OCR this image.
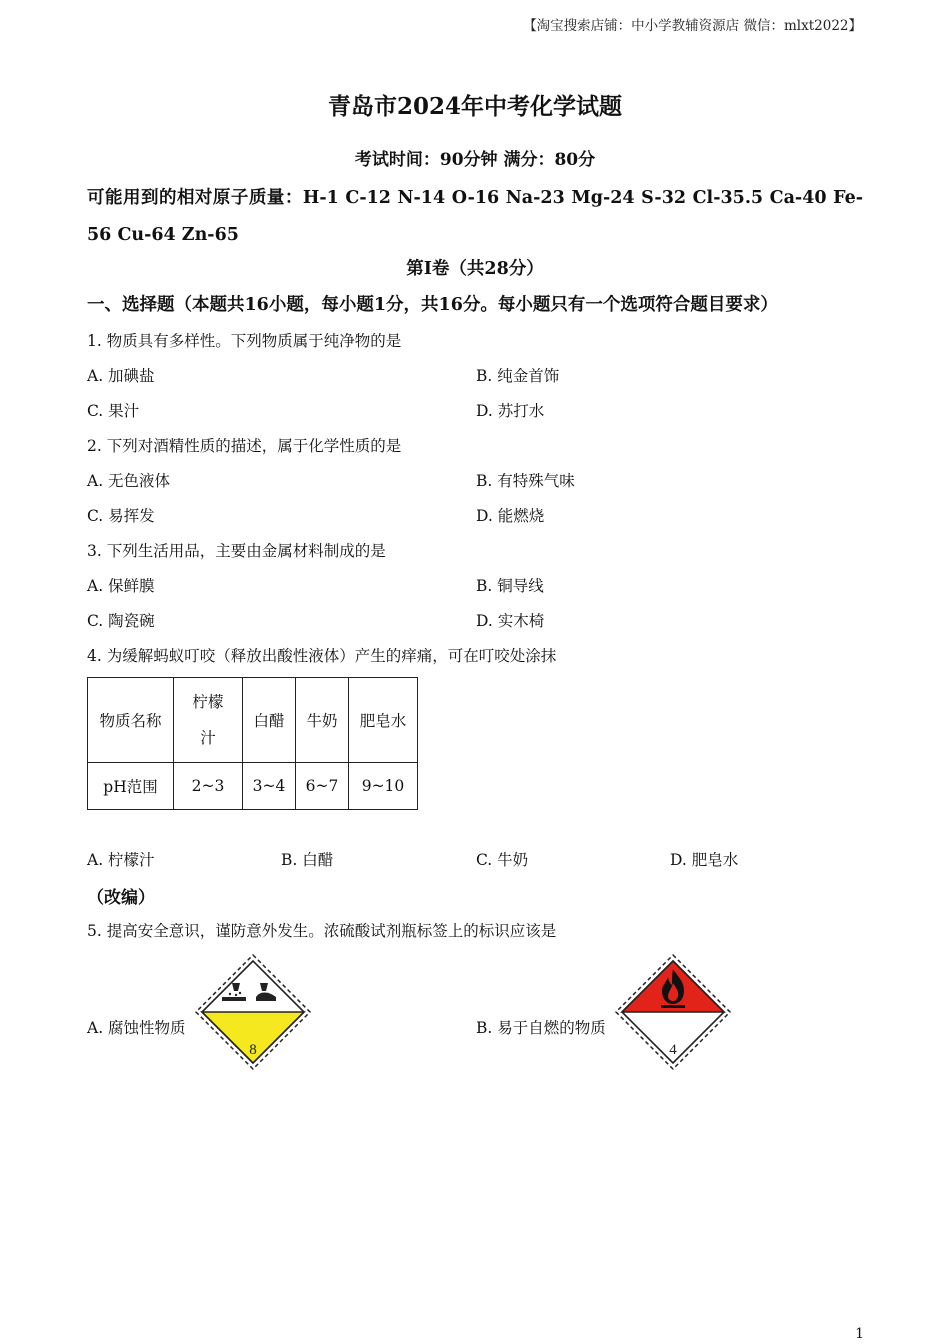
【淘宝搜索店铺：中小学教辅资源店 微信：mlxt2022】
青岛市2024年中考化学试题
考试时间：90分钟 满分：80分
可能用到的相对原子质量：H-1 C-12 N-14 O-16 Na-23 Mg-24 S-32 Cl-35.5 Ca-40 Fe-56 Cu-64 Zn-65
第Ⅰ卷（共28分）
一、选择题（本题共16小题，每小题1分，共16分。每小题只有一个选项符合题目要求）
1. 物质具有多样性。下列物质属于纯净物的是
A. 加碘盐	B. 纯金首饰
C. 果汁	D. 苏打水
2. 下列对酒精性质的描述，属于化学性质的是
A. 无色液体	B. 有特殊气味
C. 易挥发	D. 能燃烧
3. 下列生活用品，主要由金属材料制成的是
A. 保鲜膜	B. 铜导线
C. 陶瓷碗	D. 实木椅
4. 为缓解蚂蚁叮咬（释放出酸性液体）产生的痒痛，可在叮咬处涂抹
物质名称	柠檬汁	白醋	牛奶	肥皂水
pH范围	2~3	3~4	6~7	9~10
A. 柠檬汁	B. 白醋	C. 牛奶	D. 肥皂水
（改编）
5. 提高安全意识，谨防意外发生。浓硫酸试剂瓶标签上的标识应该是
A. 腐蚀性物质
8
B. 易于自燃的物质
4
1
